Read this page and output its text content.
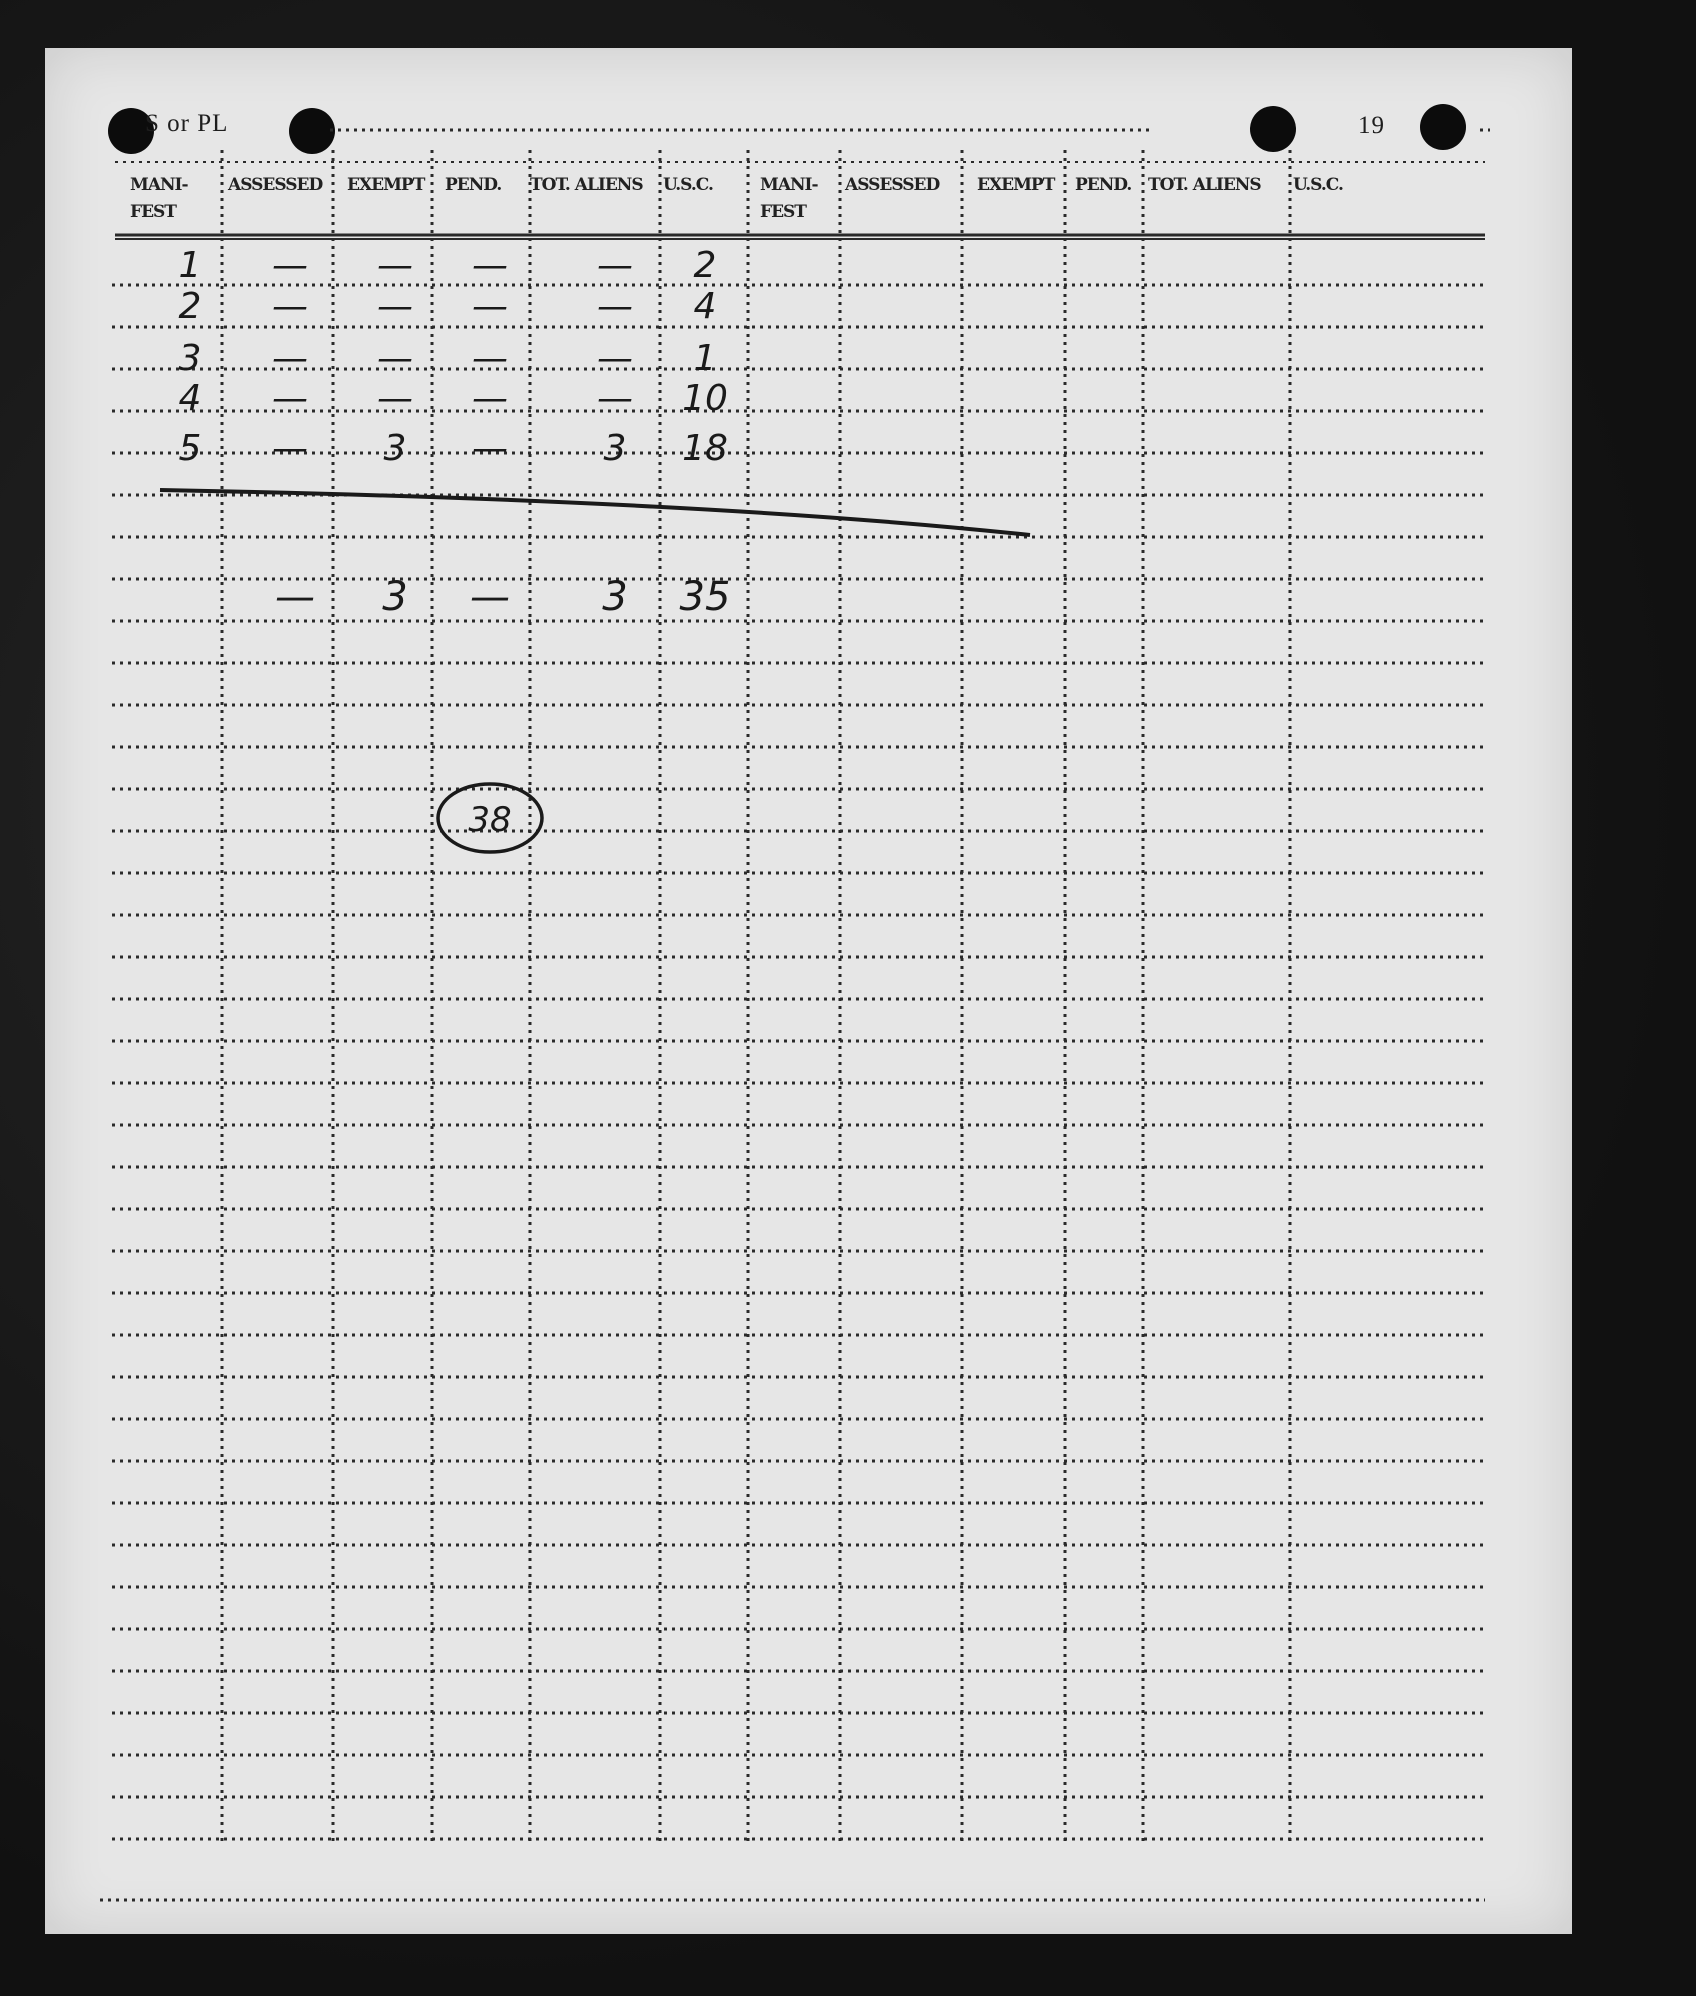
S or PL	19
MANI-
FEST
ASSESSED EXEMPT PEND. TOT. ALIENS U.S.C.	MANI-
FEST
ASSESSED EXEMPT PEND. TOT. ALIENS U.S.C.
1 — — — — 2
2 — — — — 4
3 — — — — 1
4 — — — — 10
5 — 3 —	3 18
— 3 — 3 35
38
